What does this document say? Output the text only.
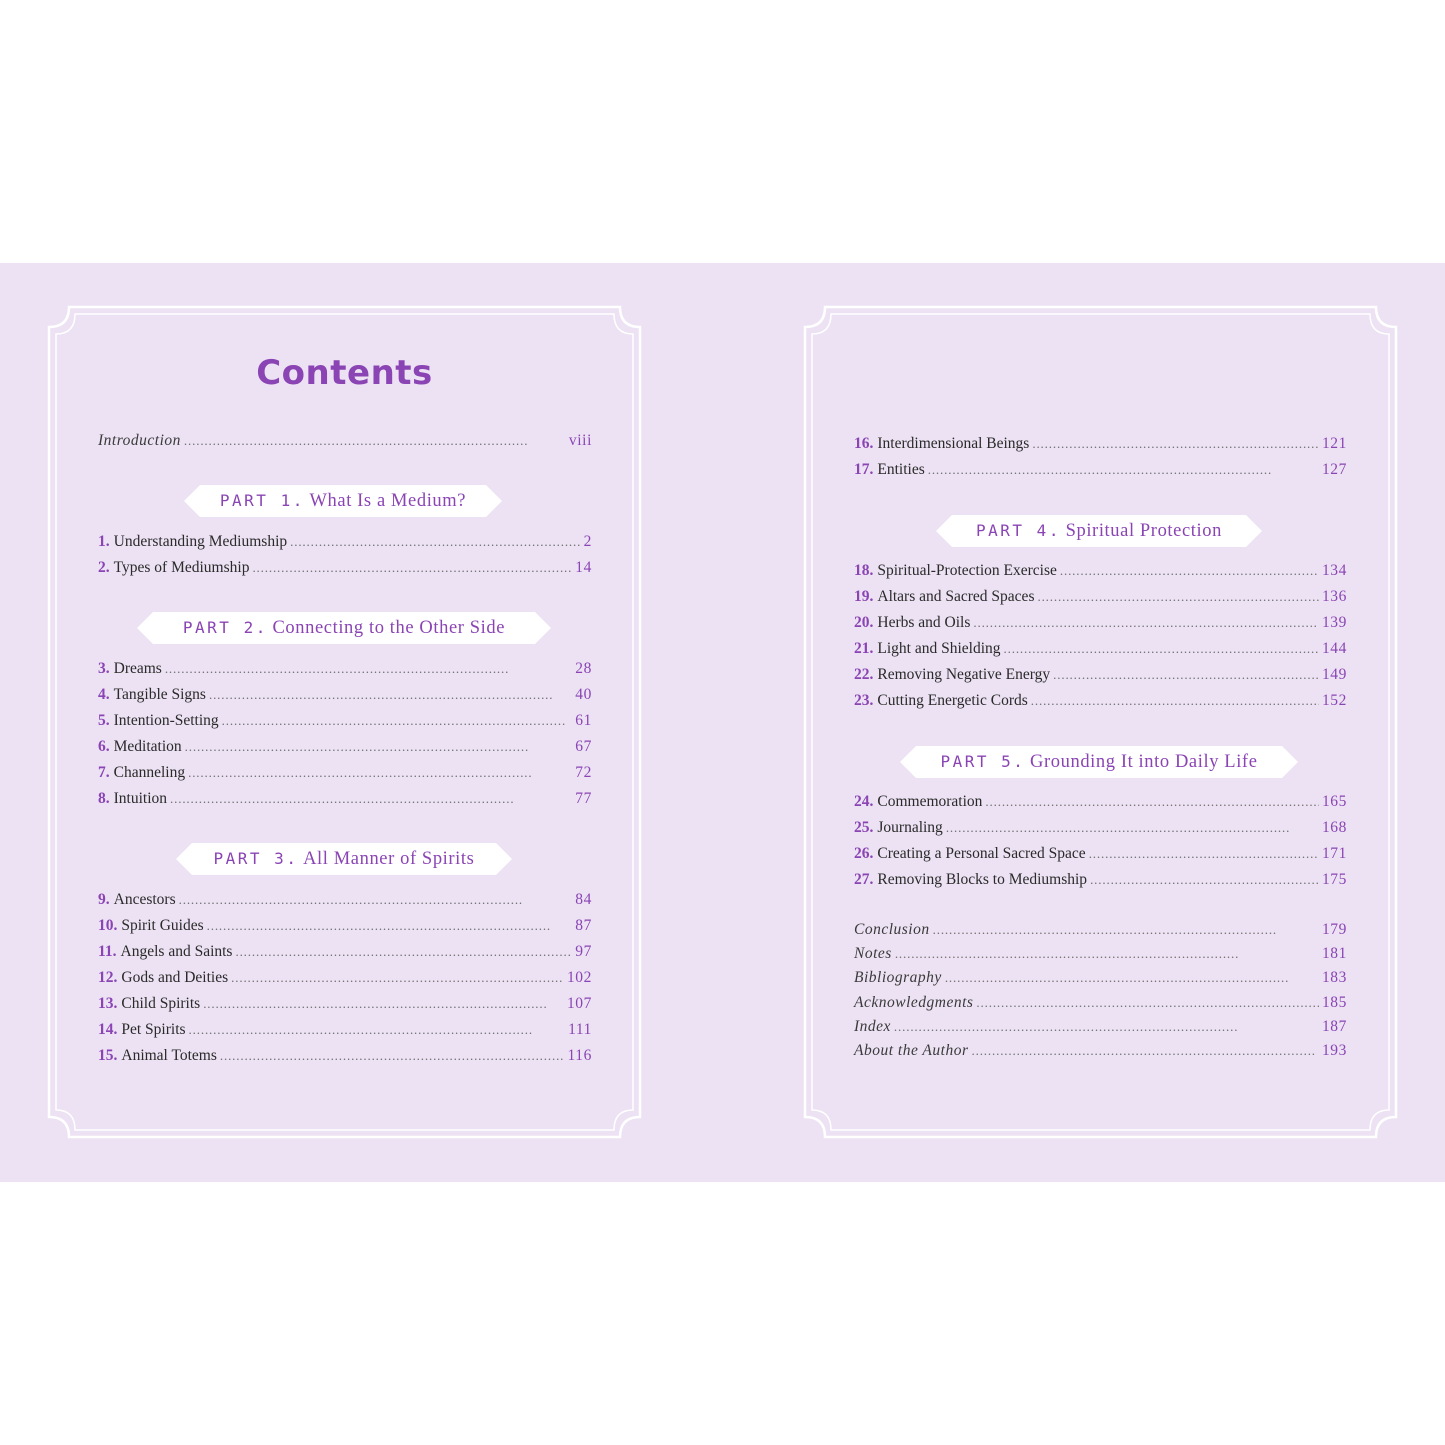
Contents
Introduction . . .	viii
PART 1. What Is a Medium?
1. Understanding Mediumship . . .	2
2. Types of Mediumship . . .	14
PART 2. Connecting to the Other Side
3. Dreams . . .	28
4. Tangible Signs . . .	40
5. Intention-Setting . . .	61
6. Meditation . . .	67
7. Channeling . . .	72
8. Intuition . . .	77
PART 3. All Manner of Spirits
9. Ancestors . . .	84
10. Spirit Guides . . .	87
11. Angels and Saints . . .	97
12. Gods and Deities . . .	102
13. Child Spirits . . .	107
14. Pet Spirits . . .	111
15. Animal Totems . . .	116
16. Interdimensional Beings . . .	121
17. Entities . . .	127
PART 4. Spiritual Protection
18. Spiritual-Protection Exercise . . .	134
19. Altars and Sacred Spaces . . .	136
20. Herbs and Oils . . .	139
21. Light and Shielding . . .	144
22. Removing Negative Energy . . .	149
23. Cutting Energetic Cords . . .	152
PART 5. Grounding It into Daily Life
24. Commemoration . . .	165
25. Journaling . . .	168
26. Creating a Personal Sacred Space . . .	171
27. Removing Blocks to Mediumship . . .	175
Conclusion . . .	179
Notes . . .	181
Bibliography . . .	183
Acknowledgments . . .	185
Index . . .	187
About the Author . . .	193
